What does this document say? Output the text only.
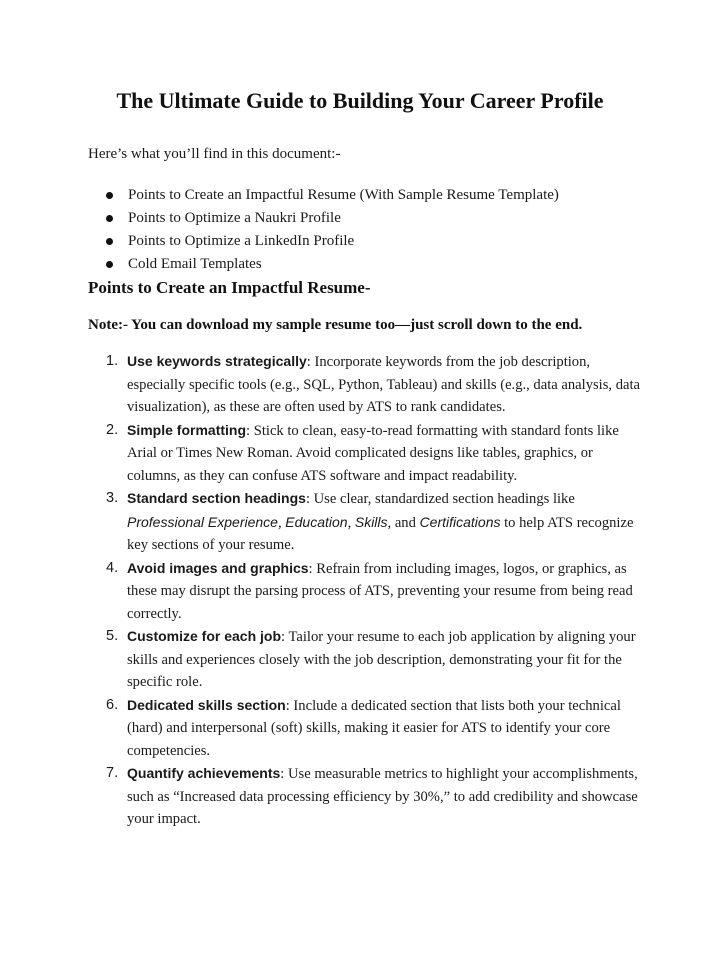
The Ultimate Guide to Building Your Career Profile

Here’s what you’ll find in this document:-

Points to Create an Impactful Resume (With Sample Resume Template)
Points to Optimize a Naukri Profile
Points to Optimize a LinkedIn Profile
Cold Email Templates
Points to Create an Impactful Resume-

Note:- You can download my sample resume too—just scroll down to the end.

1. Use keywords strategically: Incorporate keywords from the job description, especially specific tools (e.g., SQL, Python, Tableau) and skills (e.g., data analysis, data visualization), as these are often used by ATS to rank candidates.
2. Simple formatting: Stick to clean, easy-to-read formatting with standard fonts like Arial or Times New Roman. Avoid complicated designs like tables, graphics, or columns, as they can confuse ATS software and impact readability.
3. Standard section headings: Use clear, standardized section headings like Professional Experience, Education, Skills, and Certifications to help ATS recognize key sections of your resume.
4. Avoid images and graphics: Refrain from including images, logos, or graphics, as these may disrupt the parsing process of ATS, preventing your resume from being read correctly.
5. Customize for each job: Tailor your resume to each job application by aligning your skills and experiences closely with the job description, demonstrating your fit for the specific role.
6. Dedicated skills section: Include a dedicated section that lists both your technical (hard) and interpersonal (soft) skills, making it easier for ATS to identify your core competencies.
7. Quantify achievements: Use measurable metrics to highlight your accomplishments, such as “Increased data processing efficiency by 30%,” to add credibility and showcase your impact.
